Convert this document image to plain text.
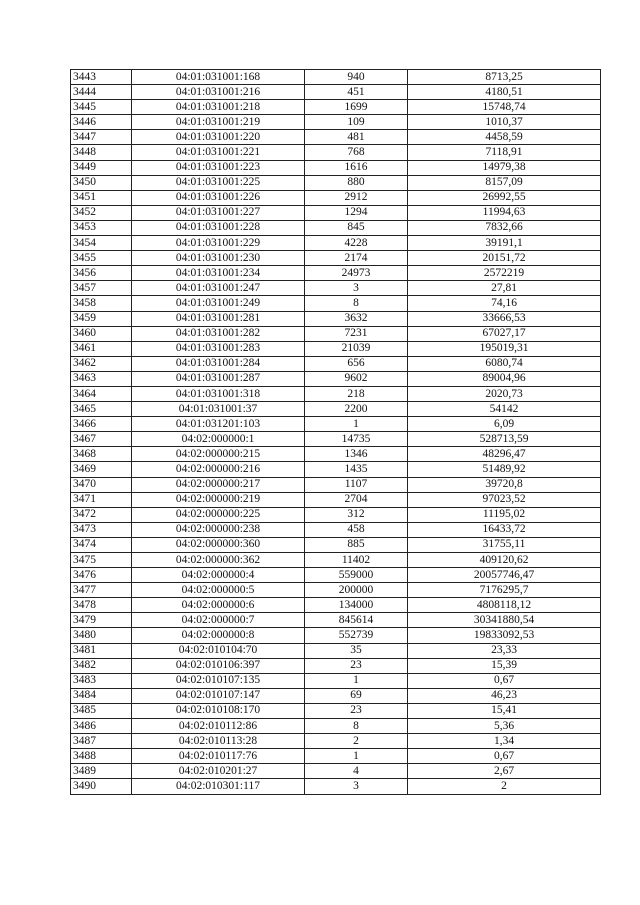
3443	04:01:031001:168	940	8713,25
3444	04:01:031001:216	451	4180,51
3445	04:01:031001:218	1699	15748,74
3446	04:01:031001:219	109	1010,37
3447	04:01:031001:220	481	4458,59
3448	04:01:031001:221	768	7118,91
3449	04:01:031001:223	1616	14979,38
3450	04:01:031001:225	880	8157,09
3451	04:01:031001:226	2912	26992,55
3452	04:01:031001:227	1294	11994,63
3453	04:01:031001:228	845	7832,66
3454	04:01:031001:229	4228	39191,1
3455	04:01:031001:230	2174	20151,72
3456	04:01:031001:234	24973	2572219
3457	04:01:031001:247	3	27,81
3458	04:01:031001:249	8	74,16
3459	04:01:031001:281	3632	33666,53
3460	04:01:031001:282	7231	67027,17
3461	04:01:031001:283	21039	195019,31
3462	04:01:031001:284	656	6080,74
3463	04:01:031001:287	9602	89004,96
3464	04:01:031001:318	218	2020,73
3465	04:01:031001:37	2200	54142
3466	04:01:031201:103	1	6,09
3467	04:02:000000:1	14735	528713,59
3468	04:02:000000:215	1346	48296,47
3469	04:02:000000:216	1435	51489,92
3470	04:02:000000:217	1107	39720,8
3471	04:02:000000:219	2704	97023,52
3472	04:02:000000:225	312	11195,02
3473	04:02:000000:238	458	16433,72
3474	04:02:000000:360	885	31755,11
3475	04:02:000000:362	11402	409120,62
3476	04:02:000000:4	559000	20057746,47
3477	04:02:000000:5	200000	7176295,7
3478	04:02:000000:6	134000	4808118,12
3479	04:02:000000:7	845614	30341880,54
3480	04:02:000000:8	552739	19833092,53
3481	04:02:010104:70	35	23,33
3482	04:02:010106:397	23	15,39
3483	04:02:010107:135	1	0,67
3484	04:02:010107:147	69	46,23
3485	04:02:010108:170	23	15,41
3486	04:02:010112:86	8	5,36
3487	04:02:010113:28	2	1,34
3488	04:02:010117:76	1	0,67
3489	04:02:010201:27	4	2,67
3490	04:02:010301:117	3	2
